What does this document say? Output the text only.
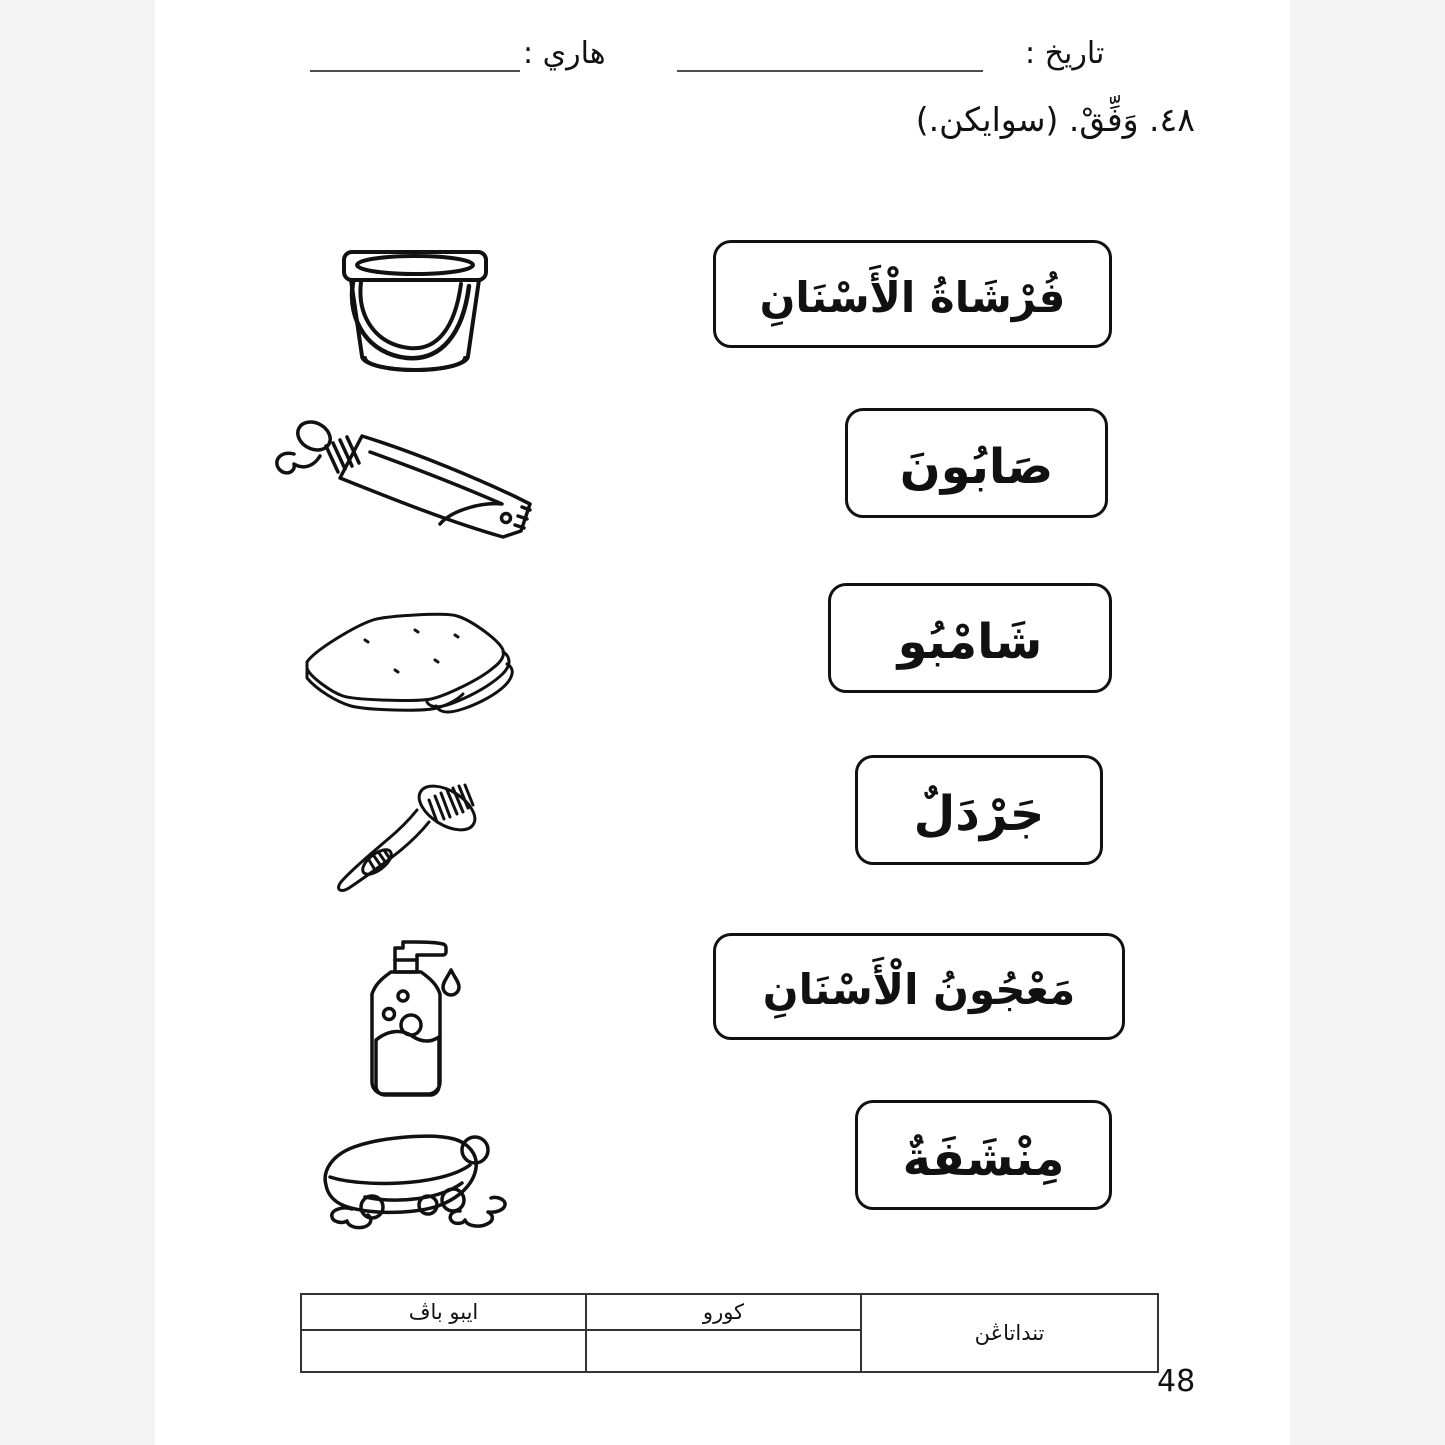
هاري :	تاريخ :
٤٨. وَفِّقْ. (سوايكن.)
فُرْشَاةُ الْأَسْنَانِ
صَابُونَ
شَامْبُو
جَرْدَلٌ
مَعْجُونُ الْأَسْنَانِ
مِنْشَفَةٌ
تنداتاڠن	كورو	ايبو باڤ

48
